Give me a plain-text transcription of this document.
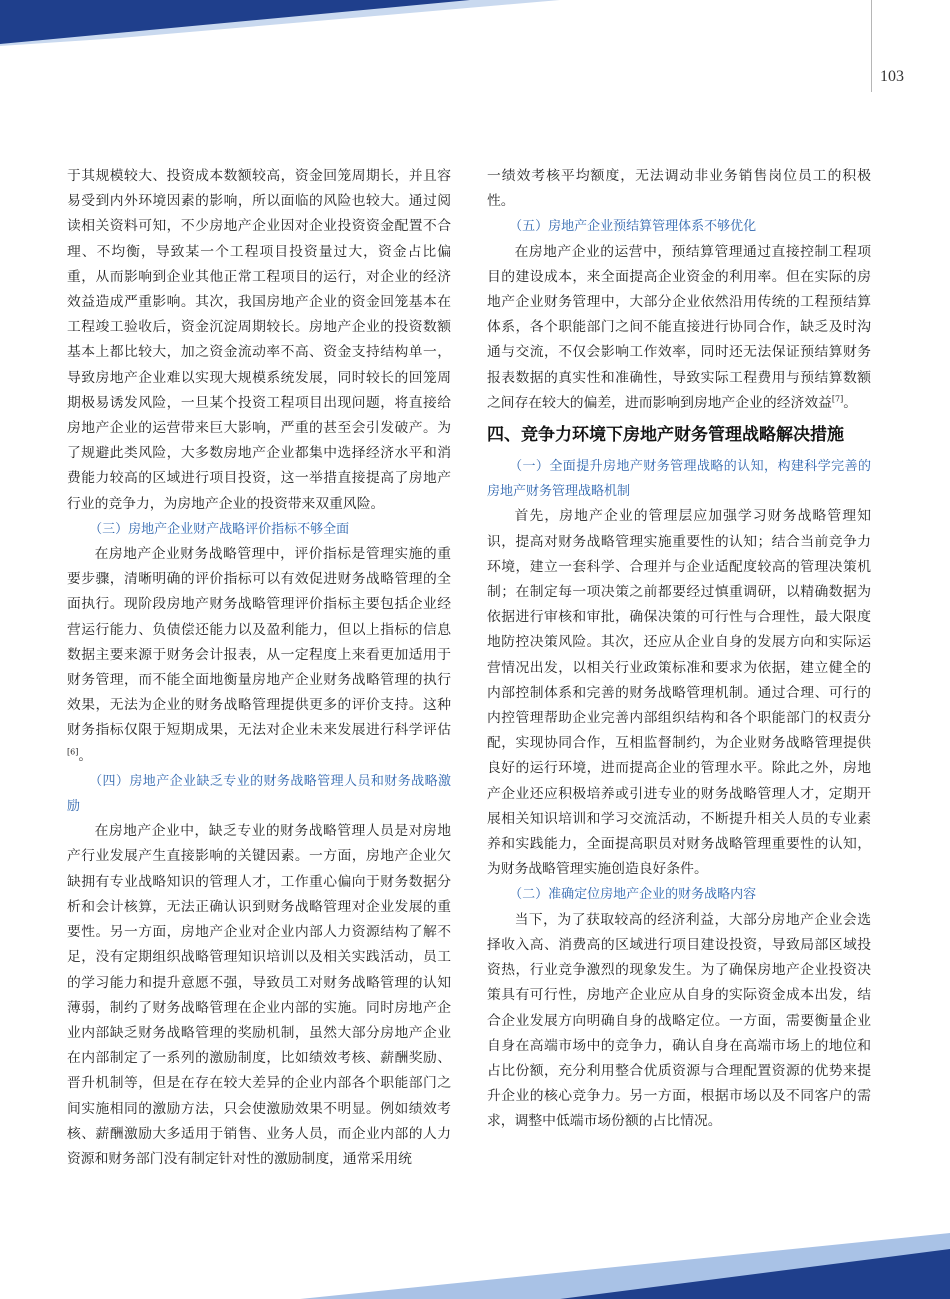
103

于其规模较大、投资成本数额较高，资金回笼周期长，并且容易受到内外环境因素的影响，所以面临的风险也较大。通过阅读相关资料可知，不少房地产企业因对企业投资资金配置不合理、不均衡，导致某一个工程项目投资量过大，资金占比偏重，从而影响到企业其他正常工程项目的运行，对企业的经济效益造成严重影响。其次，我国房地产企业的资金回笼基本在工程竣工验收后，资金沉淀周期较长。房地产企业的投资数额基本上都比较大，加之资金流动率不高、资金支持结构单一，导致房地产企业难以实现大规模系统发展，同时较长的回笼周期极易诱发风险，一旦某个投资工程项目出现问题，将直接给房地产企业的运营带来巨大影响，严重的甚至会引发破产。为了规避此类风险，大多数房地产企业都集中选择经济水平和消费能力较高的区域进行项目投资，这一举措直接提高了房地产行业的竞争力，为房地产企业的投资带来双重风险。

（三）房地产企业财产战略评价指标不够全面

在房地产企业财务战略管理中，评价指标是管理实施的重要步骤，清晰明确的评价指标可以有效促进财务战略管理的全面执行。现阶段房地产财务战略管理评价指标主要包括企业经营运行能力、负债偿还能力以及盈利能力，但以上指标的信息数据主要来源于财务会计报表，从一定程度上来看更加适用于财务管理，而不能全面地衡量房地产企业财务战略管理的执行效果，无法为企业的财务战略管理提供更多的评价支持。这种财务指标仅限于短期成果，无法对企业未来发展进行科学评估[6]。

（四）房地产企业缺乏专业的财务战略管理人员和财务战略激励

在房地产企业中，缺乏专业的财务战略管理人员是对房地产行业发展产生直接影响的关键因素。一方面，房地产企业欠缺拥有专业战略知识的管理人才，工作重心偏向于财务数据分析和会计核算，无法正确认识到财务战略管理对企业发展的重要性。另一方面，房地产企业对企业内部人力资源结构了解不足，没有定期组织战略管理知识培训以及相关实践活动，员工的学习能力和提升意愿不强，导致员工对财务战略管理的认知薄弱，制约了财务战略管理在企业内部的实施。同时房地产企业内部缺乏财务战略管理的奖励机制，虽然大部分房地产企业在内部制定了一系列的激励制度，比如绩效考核、薪酬奖励、晋升机制等，但是在存在较大差异的企业内部各个职能部门之间实施相同的激励方法，只会使激励效果不明显。例如绩效考核、薪酬激励大多适用于销售、业务人员，而企业内部的人力资源和财务部门没有制定针对性的激励制度，通常采用统

一绩效考核平均额度，无法调动非业务销售岗位员工的积极性。

（五）房地产企业预结算管理体系不够优化

在房地产企业的运营中，预结算管理通过直接控制工程项目的建设成本，来全面提高企业资金的利用率。但在实际的房地产企业财务管理中，大部分企业依然沿用传统的工程预结算体系，各个职能部门之间不能直接进行协同合作，缺乏及时沟通与交流，不仅会影响工作效率，同时还无法保证预结算财务报表数据的真实性和准确性，导致实际工程费用与预结算数额之间存在较大的偏差，进而影响到房地产企业的经济效益[7]。

四、竞争力环境下房地产财务管理战略解决措施
（一）全面提升房地产财务管理战略的认知，构建科学完善的房地产财务管理战略机制

首先，房地产企业的管理层应加强学习财务战略管理知识，提高对财务战略管理实施重要性的认知；结合当前竞争力环境，建立一套科学、合理并与企业适配度较高的管理决策机制；在制定每一项决策之前都要经过慎重调研，以精确数据为依据进行审核和审批，确保决策的可行性与合理性，最大限度地防控决策风险。其次，还应从企业自身的发展方向和实际运营情况出发，以相关行业政策标准和要求为依据，建立健全的内部控制体系和完善的财务战略管理机制。通过合理、可行的内控管理帮助企业完善内部组织结构和各个职能部门的权责分配，实现协同合作，互相监督制约，为企业财务战略管理提供良好的运行环境，进而提高企业的管理水平。除此之外，房地产企业还应积极培养或引进专业的财务战略管理人才，定期开展相关知识培训和学习交流活动，不断提升相关人员的专业素养和实践能力，全面提高职员对财务战略管理重要性的认知，为财务战略管理实施创造良好条件。

（二）准确定位房地产企业的财务战略内容

当下，为了获取较高的经济利益，大部分房地产企业会选择收入高、消费高的区域进行项目建设投资，导致局部区域投资热，行业竞争激烈的现象发生。为了确保房地产企业投资决策具有可行性，房地产企业应从自身的实际资金成本出发，结合企业发展方向明确自身的战略定位。一方面，需要衡量企业自身在高端市场中的竞争力，确认自身在高端市场上的地位和占比份额，充分利用整合优质资源与合理配置资源的优势来提升企业的核心竞争力。另一方面，根据市场以及不同客户的需求，调整中低端市场份额的占比情况。
